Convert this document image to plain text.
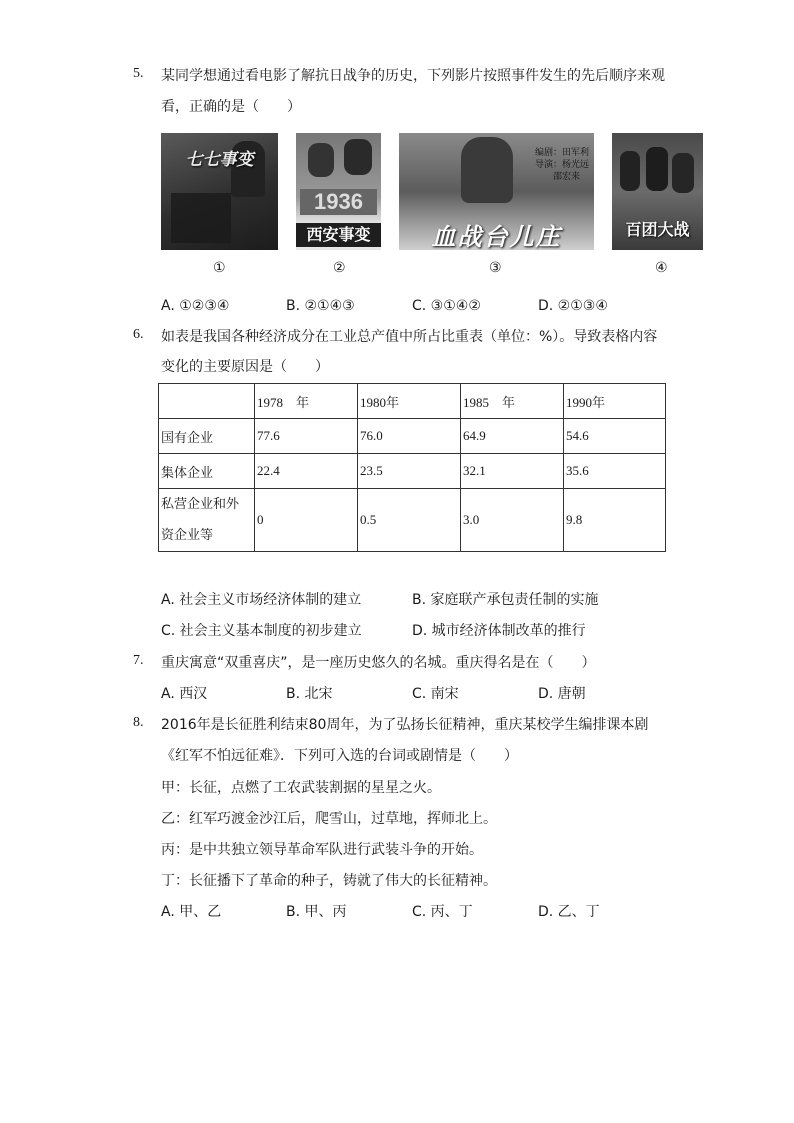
5. 某同学想通过看电影了解抗日战争的历史，下列影片按照事件发生的先后顺序来观
看，正确的是（　　）
七七事变
①
1936
西安事变
②
编剧：田军利
导演：杨光远
邵宏来
血战台儿庄
③
百团大战
④
A. ①②③④	B. ②①④③	C. ③①④②	D. ②①③④
6. 如表是我国各种经济成分在工业总产值中所占比重表（单位：%）。导致表格内容
变化的主要原因是（　　）
	1978　年	1980年	1985　年	1990年
国有企业	77.6	76.0	64.9	54.6
集体企业	22.4	23.5	32.1	35.6

私营企业和外
资企业等	0	0.5	3.0	9.8
A. 社会主义市场经济体制的建立	B. 家庭联产承包责任制的实施
C. 社会主义基本制度的初步建立	D. 城市经济体制改革的推行
7. 重庆寓意“双重喜庆”，是一座历史悠久的名城。重庆得名是在（　　）
A. 西汉	B. 北宋	C. 南宋	D. 唐朝
8. 2016年是长征胜利结束80周年，为了弘扬长征精神，重庆某校学生编排课本剧
《红军不怕远征难》．下列可入选的台词或剧情是（　　）
甲：长征，点燃了工农武装割据的星星之火。
乙：红军巧渡金沙江后，爬雪山，过草地，挥师北上。
丙：是中共独立领导革命军队进行武装斗争的开始。
丁：长征播下了革命的种子，铸就了伟大的长征精神。
A. 甲、乙	B. 甲、丙	C. 丙、丁	D. 乙、丁
